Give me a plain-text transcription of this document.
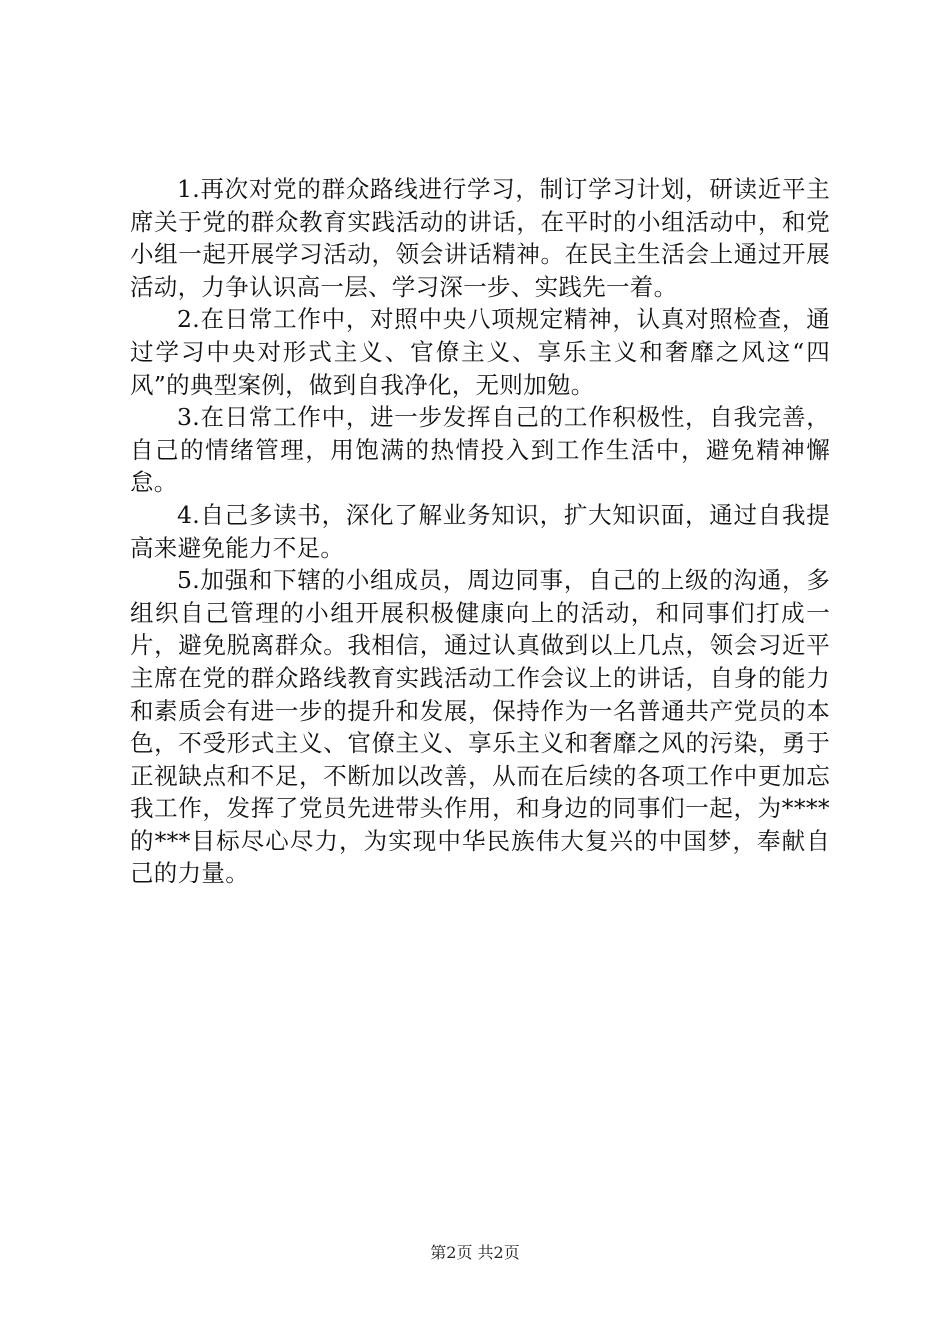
1.再次对党的群众路线进行学习，制订学习计划，研读近平主席关于党的群众教育实践活动的讲话，在平时的小组活动中，和党小组一起开展学习活动，领会讲话精神。在民主生活会上通过开展活动，力争认识高一层、学习深一步、实践先一着。

2.在日常工作中，对照中央八项规定精神，认真对照检查，通过学习中央对形式主义、官僚主义、享乐主义和奢靡之风这“四风”的典型案例，做到自我净化，无则加勉。

3.在日常工作中，进一步发挥自己的工作积极性，自我完善，自己的情绪管理，用饱满的热情投入到工作生活中，避免精神懈怠。

4.自己多读书，深化了解业务知识，扩大知识面，通过自我提高来避免能力不足。

5.加强和下辖的小组成员，周边同事，自己的上级的沟通，多组织自己管理的小组开展积极健康向上的活动，和同事们打成一片，避免脱离群众。我相信，通过认真做到以上几点，领会习近平主席在党的群众路线教育实践活动工作会议上的讲话，自身的能力和素质会有进一步的提升和发展，保持作为一名普通共产党员的本色，不受形式主义、官僚主义、享乐主义和奢靡之风的污染，勇于正视缺点和不足，不断加以改善，从而在后续的各项工作中更加忘我工作，发挥了党员先进带头作用，和身边的同事们一起，为****的***目标尽心尽力，为实现中华民族伟大复兴的中国梦，奉献自己的力量。

第2页 共2页
